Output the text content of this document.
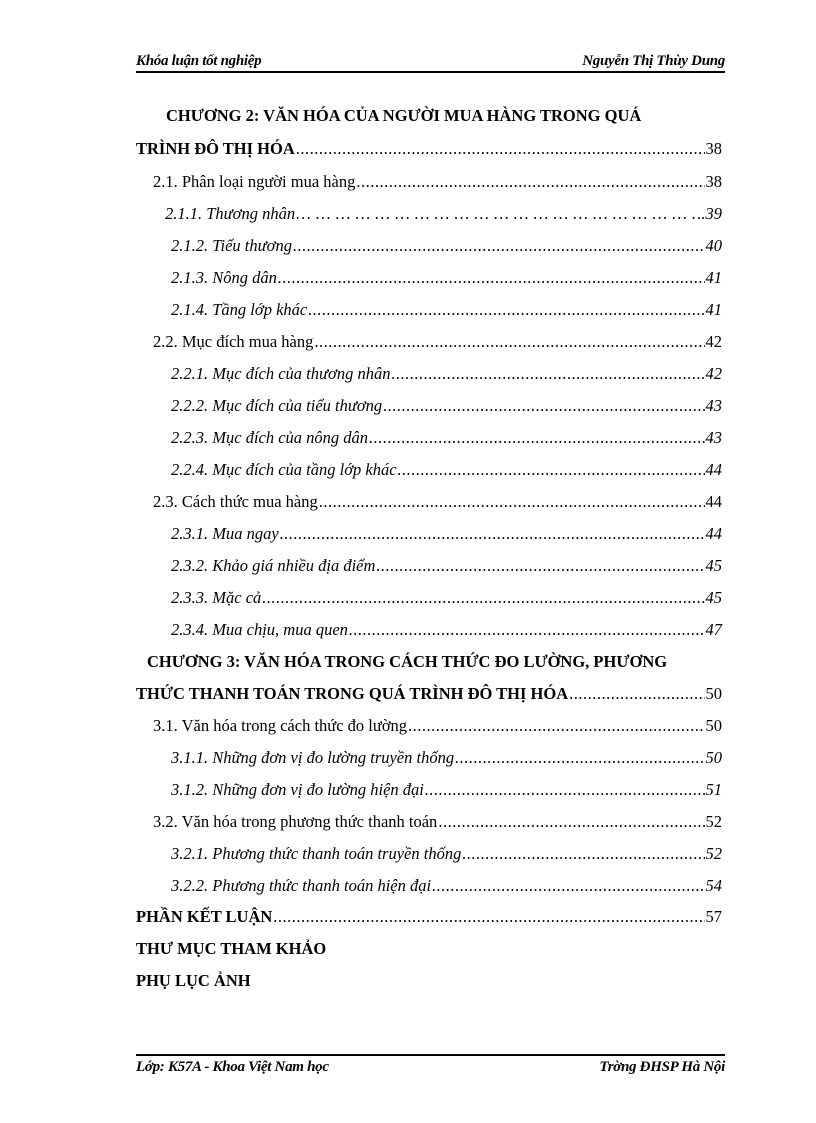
Khóa luận tốt nghiệp	Nguyễn Thị Thùy Dung
CHƯƠNG 2: VĂN HÓA CỦA NGƯỜI MUA HÀNG TRONG QUÁ
TRÌNH ĐÔ THỊ HÓA .....	38
2.1. Phân loại người mua hàng .....	38
2.1.1. Thương nhân … … … … … … … … … … … … … … … … … … … … … … … … … … … … … … … … … … … … … … … … … … … … …	.39
2.1.2. Tiểu thương .....	40
2.1.3. Nông dân .....	41
2.1.4. Tầng lớp khác .....	41
2.2. Mục đích mua hàng .....	42
2.2.1. Mục đích của thương nhân .....	42
2.2.2. Mục đích của tiểu thương .....	43
2.2.3. Mục đích của nông dân .....	43
2.2.4. Mục đích của tầng lớp khác .....	44
2.3. Cách thức mua hàng .....	44
2.3.1. Mua ngay .....	44
2.3.2. Khảo giá nhiều địa điểm .....	45
2.3.3. Mặc cả .....	45
2.3.4. Mua chịu, mua quen .....	47
CHƯƠNG 3: VĂN HÓA TRONG CÁCH THỨC ĐO LƯỜNG, PHƯƠNG
THỨC THANH TOÁN TRONG QUÁ TRÌNH ĐÔ THỊ HÓA .....	50
3.1. Văn hóa trong cách thức đo lường .....	50
3.1.1. Những đơn vị đo lường truyền thống .....	50
3.1.2. Những đơn vị đo lường hiện đại .....	51
3.2. Văn hóa trong phương thức thanh toán .....	52
3.2.1. Phương thức thanh toán truyền thống .....	52
3.2.2. Phương thức thanh toán hiện đại .....	54
PHẦN KẾT LUẬN .....	57
THƯ MỤC THAM KHẢO
PHỤ LỤC ẢNH
Lớp: K57A - Khoa Việt Nam học	Trờng ĐHSP Hà Nội
